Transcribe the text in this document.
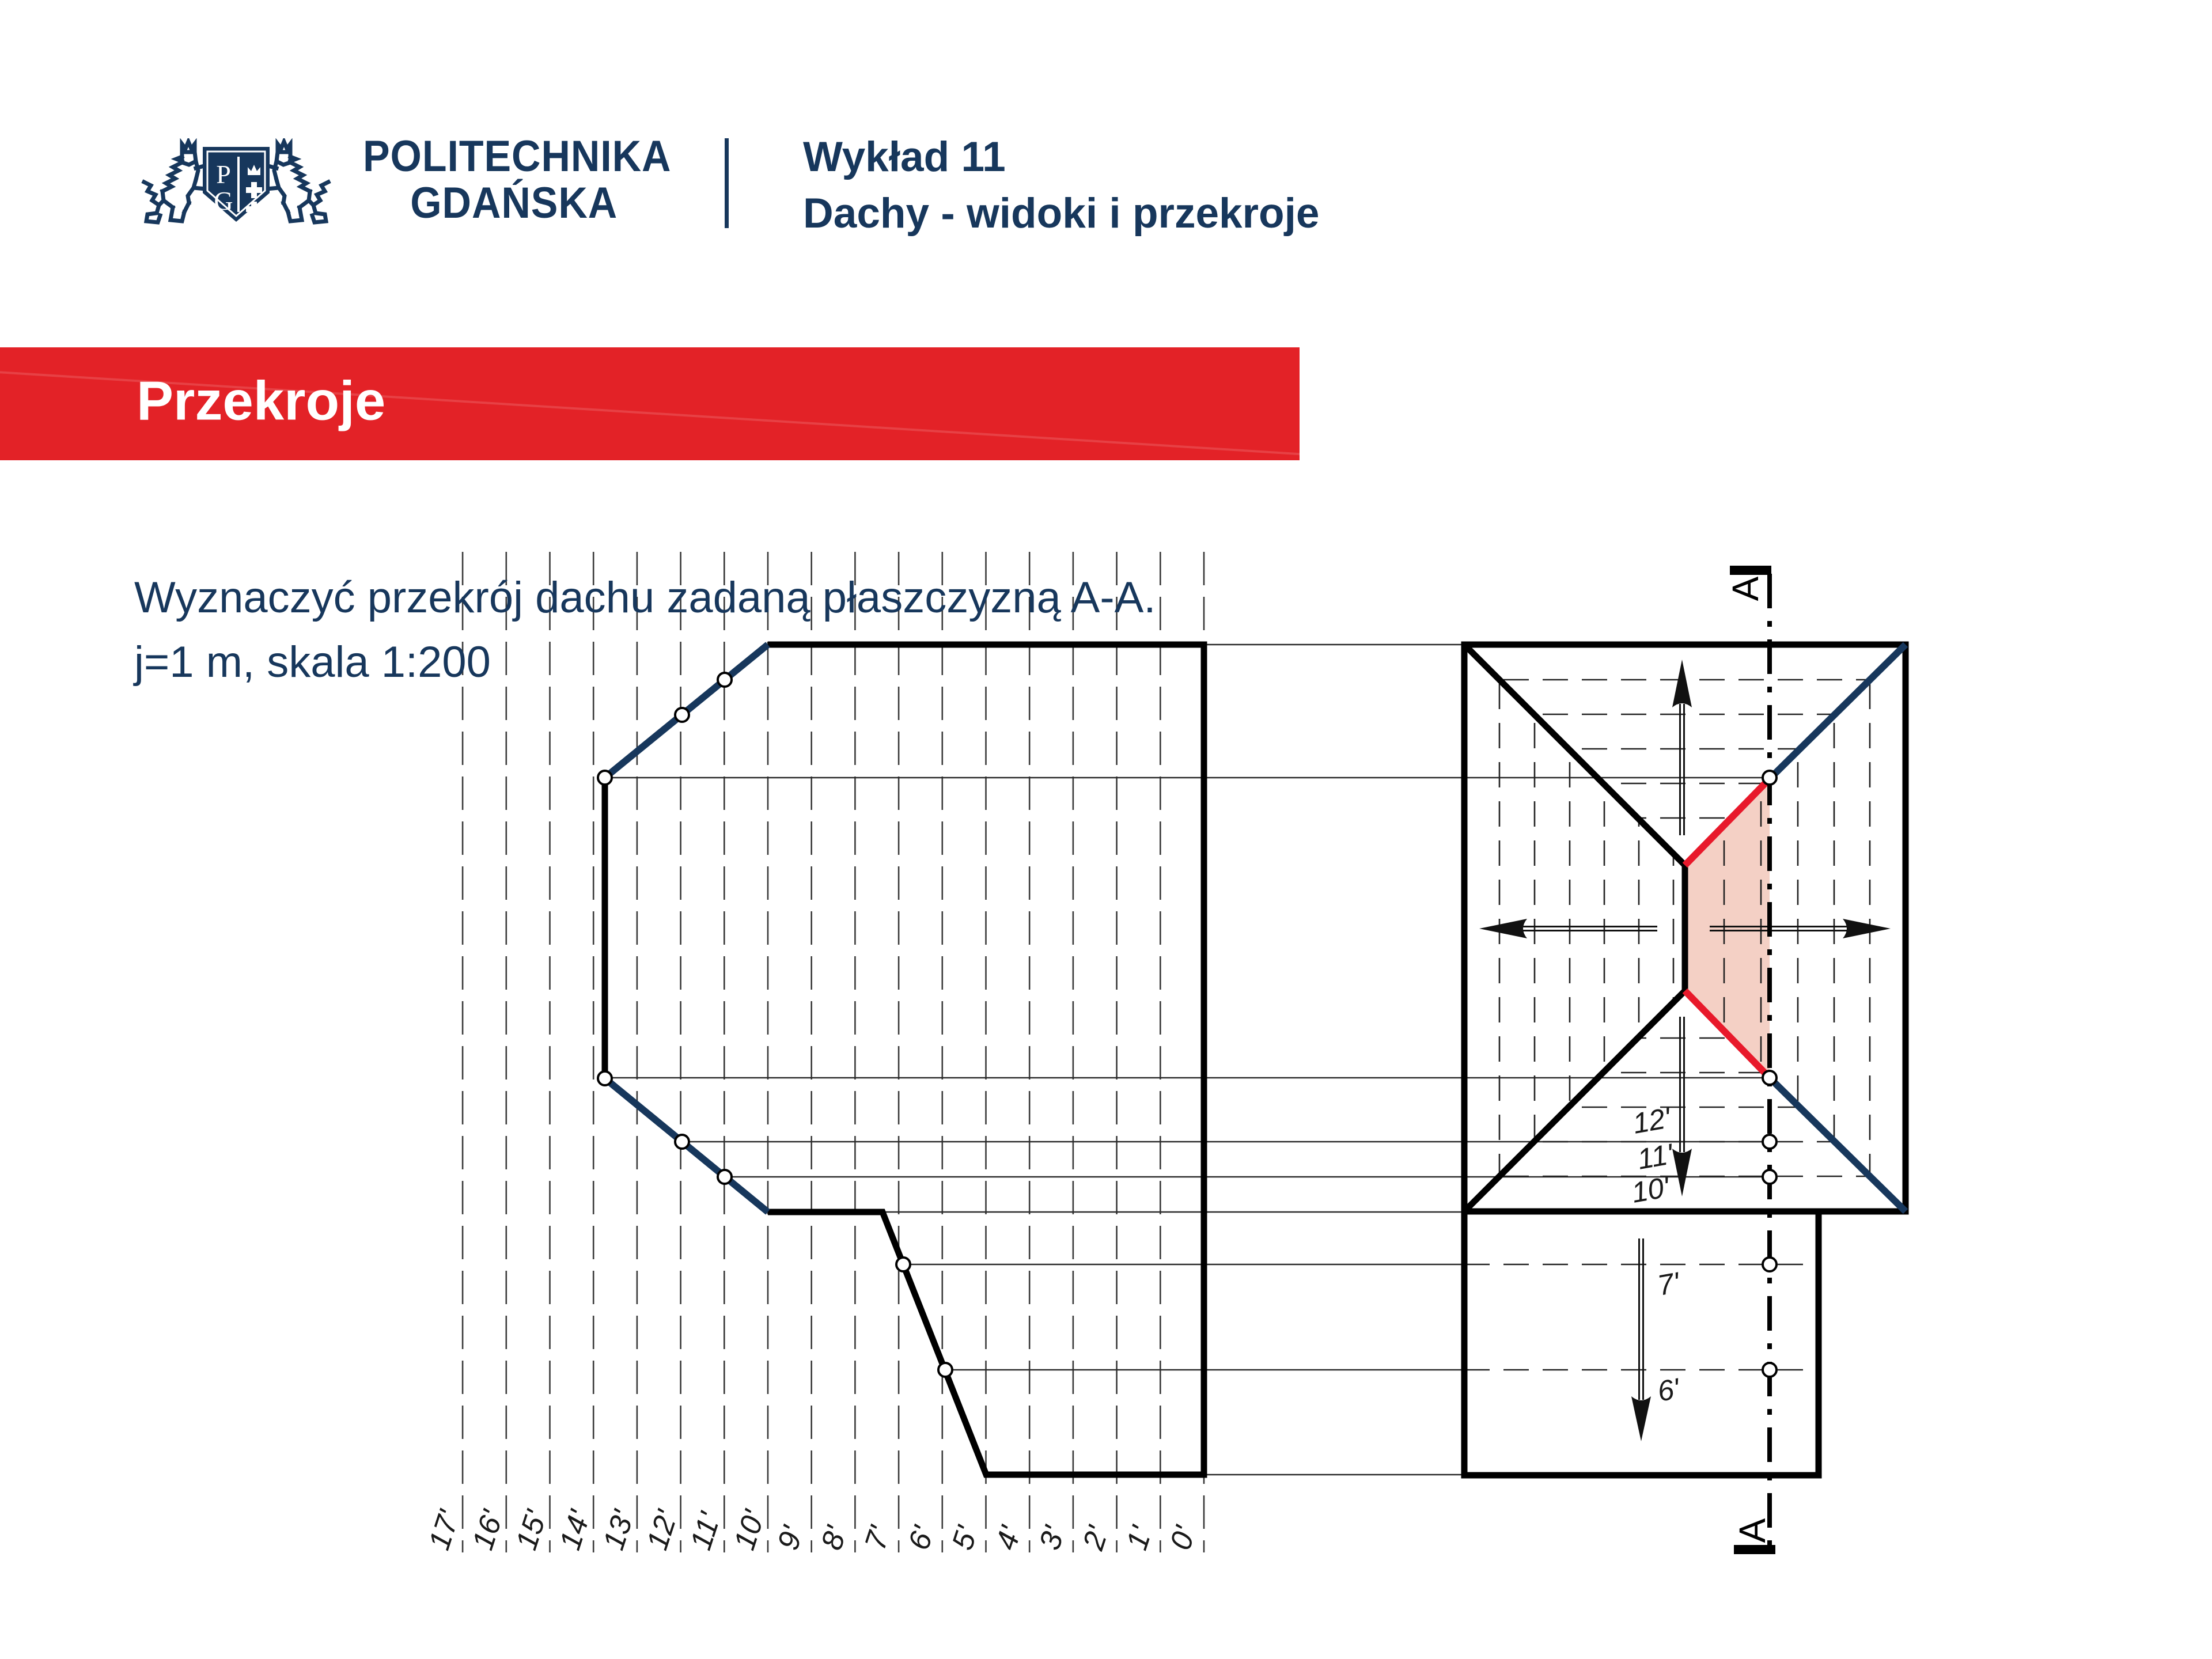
P
G
POLITECHNIKA
GDAŃSKA
Wykład 11
Dachy - widoki i przekroje
Przekroje
Wyznaczyć przekrój dachu zadaną płaszczyzną A-A.
j=1 m, skala 1:200
0'
1'
2'
3'
4'
5'
6'
7'
8'
9'
10'
11'
12'
13'
14'
15'
16'
17'
A
A
12'
11'
10'
7'
6'
